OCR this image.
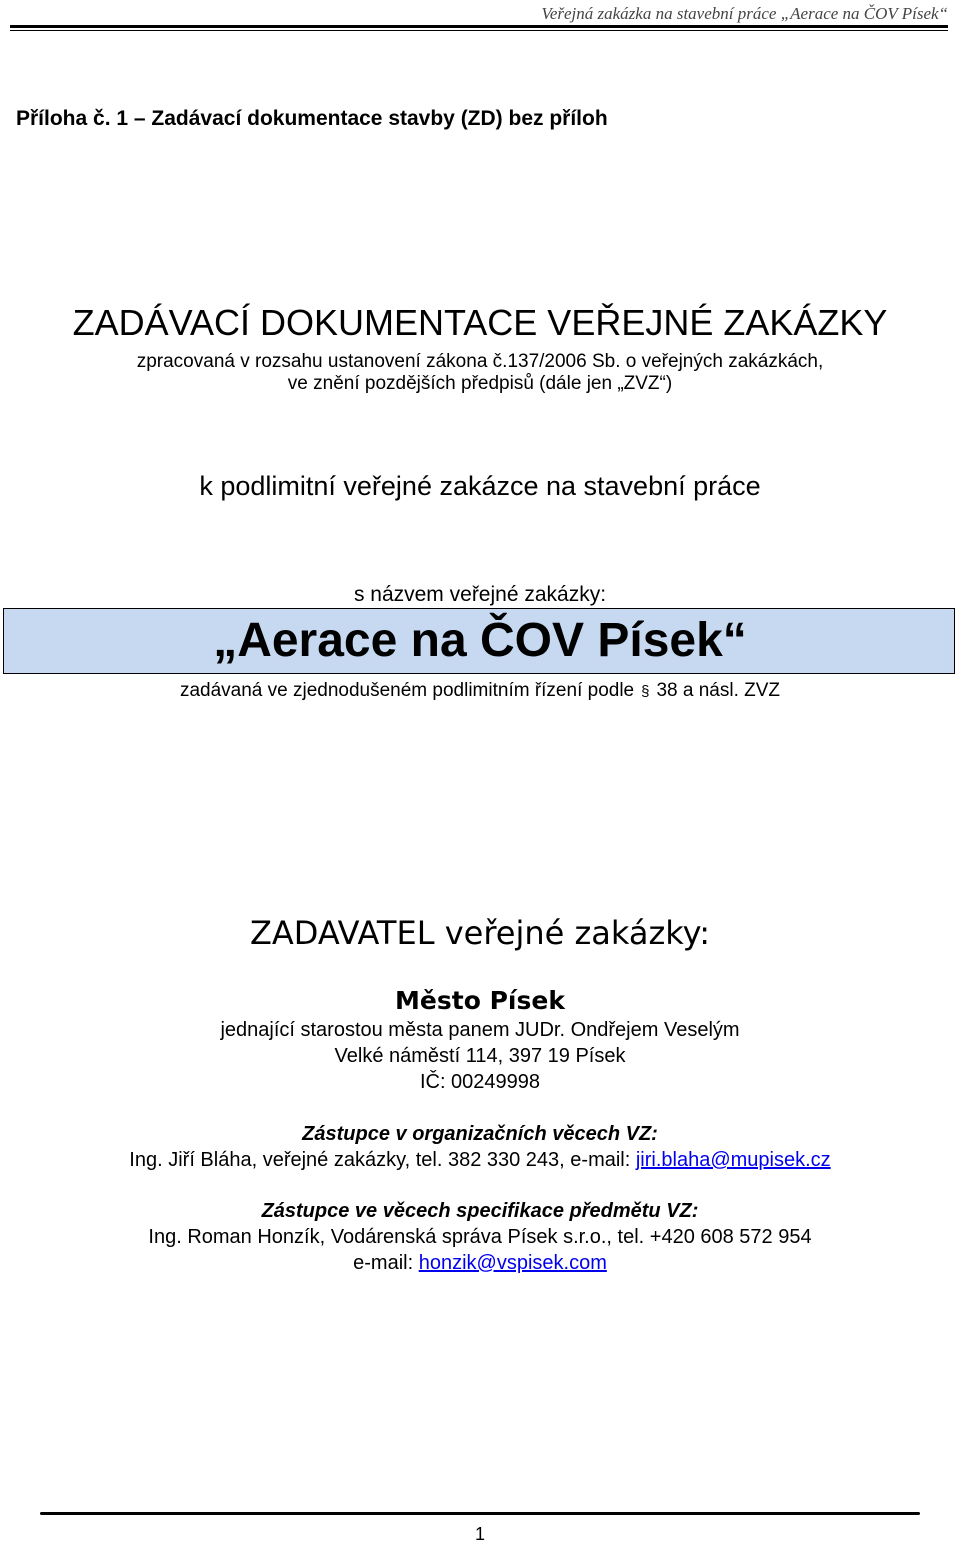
Veřejná zakázka na stavební práce „Aerace na ČOV Písek“
Příloha č. 1 – Zadávací dokumentace stavby (ZD) bez příloh
ZADÁVACÍ DOKUMENTACE VEŘEJNÉ ZAKÁZKY
zpracovaná v rozsahu ustanovení zákona č.137/2006 Sb. o veřejných zakázkách,
ve znění pozdějších předpisů (dále jen „ZVZ“)
k podlimitní veřejné zakázce na stavební práce
s názvem veřejné zakázky:
„Aerace na ČOV Písek“
zadávaná ve zjednodušeném podlimitním řízení podle § 38 a násl. ZVZ
ZADAVATEL veřejné zakázky:
Město Písek
jednající starostou města panem JUDr. Ondřejem Veselým
Velké náměstí 114, 397 19 Písek
IČ: 00249998
Zástupce v organizačních věcech VZ:
Ing. Jiří Bláha, veřejné zakázky, tel. 382 330 243, e-mail: jiri.blaha@mupisek.cz
Zástupce ve věcech specifikace předmětu VZ:
Ing. Roman Honzík, Vodárenská správa Písek s.r.o., tel. +420 608 572 954
e-mail: honzik@vspisek.com
1
